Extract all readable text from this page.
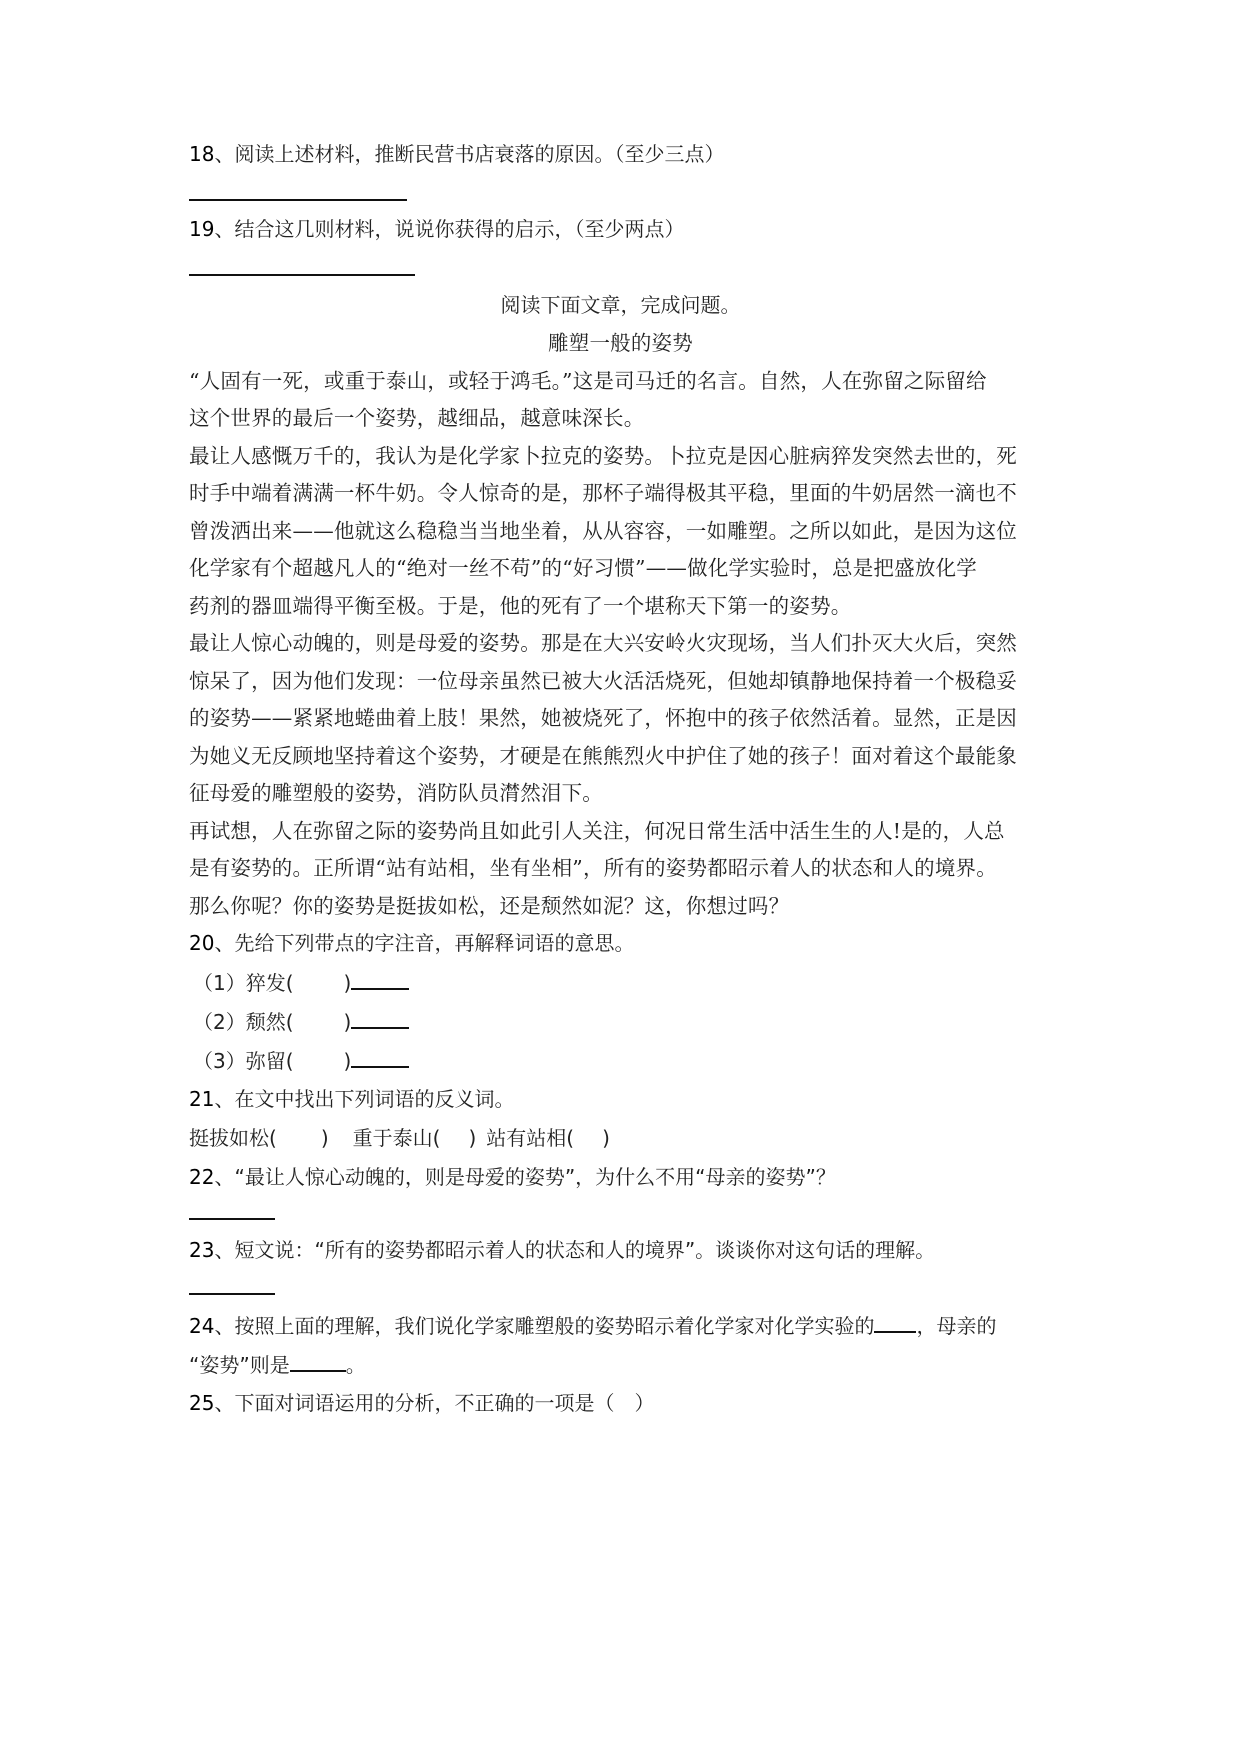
18、阅读上述材料，推断民营书店衰落的原因。（至少三点）
19、结合这几则材料，说说你获得的启示，（至少两点）
阅读下面文章，完成问题。
雕塑一般的姿势
“人固有一死，或重于泰山，或轻于鸿毛。”这是司马迁的名言。自然，人在弥留之际留给
这个世界的最后一个姿势，越细品，越意味深长。
最让人感慨万千的，我认为是化学家卜拉克的姿势。卜拉克是因心脏病猝发突然去世的，死
时手中端着满满一杯牛奶。令人惊奇的是，那杯子端得极其平稳，里面的牛奶居然一滴也不
曾泼洒出来——他就这么稳稳当当地坐着，从从容容，一如雕塑。之所以如此，是因为这位
化学家有个超越凡人的“绝对一丝不苟”的“好习惯”——做化学实验时，总是把盛放化学
药剂的器皿端得平衡至极。于是，他的死有了一个堪称天下第一的姿势。
最让人惊心动魄的，则是母爱的姿势。那是在大兴安岭火灾现场，当人们扑灭大火后，突然
惊呆了，因为他们发现：一位母亲虽然已被大火活活烧死，但她却镇静地保持着一个极稳妥
的姿势——紧紧地蜷曲着上肢！果然，她被烧死了，怀抱中的孩子依然活着。显然，正是因
为她义无反顾地坚持着这个姿势，才硬是在熊熊烈火中护住了她的孩子！面对着这个最能象
征母爱的雕塑般的姿势，消防队员潸然泪下。
再试想，人在弥留之际的姿势尚且如此引人关注，何况日常生活中活生生的人!是的，人总
是有姿势的。正所谓“站有站相，坐有坐相”，所有的姿势都昭示着人的状态和人的境界。
那么你呢？你的姿势是挺拔如松，还是颓然如泥？这，你想过吗？
20、先给下列带点的字注音，再解释词语的意思。
（1）猝发(	)
（2）颓然(	)
（3）弥留(	)
21、在文中找出下列词语的反义词。
挺拔如松( ) 重于泰山( ) 站有站相( )
22、“最让人惊心动魄的，则是母爱的姿势”，为什么不用“母亲的姿势”？
23、短文说：“所有的姿势都昭示着人的状态和人的境界”。谈谈你对这句话的理解。
24、按照上面的理解，我们说化学家雕塑般的姿势昭示着化学家对化学实验的 ，母亲的
“姿势”则是	。
25、下面对词语运用的分析，不正确的一项是（　）
